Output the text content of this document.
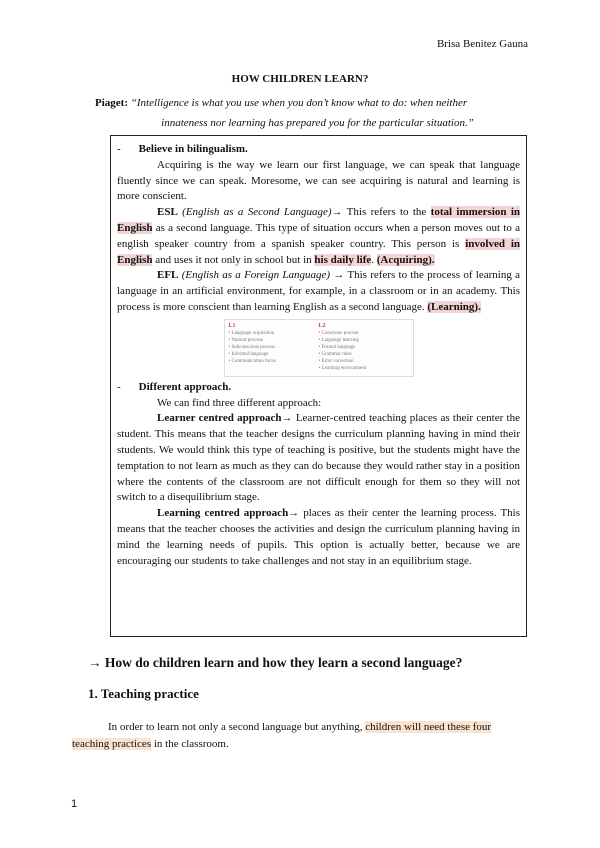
Brisa Benitez Gauna
HOW CHILDREN LEARN?
Piaget: “Intelligence is what you use when you don’t know what to do: when neither
innateness nor learning has prepared you for the particular situation.”

- Believe in bilingualism.

Acquiring is the way we learn our first language, we can speak that language fluently since we can speak. Moresome, we can see acquiring is natural and learning is more conscient.

ESL (English as a Second Language)→ This refers to the total immersion in English as a second language. This type of situation occurs when a person moves out to a english speaker country from a spanish speaker country. This person is involved in English and uses it not only in school but in his daily life. (Acquiring).

EFL (English as a Foreign Language) → This refers to the process of learning a language in an artificial environment, for example, in a classroom or in an academy. This process is more conscient than learning English as a second language. (Learning).

L1
• Language acquisition
• Natural process
• Subconscious process
• Informal language
• Communication focus
L2
• Conscious process
• Language learning
• Formal language
• Grammar rules
• Error correction
• Learning environment

- Different approach.

We can find three different approach:

Learner centred approach→ Learner-centred teaching places as their center the student. This means that the teacher designs the curriculum planning having in mind their students. We would think this type of teaching is positive, but the students might have the temptation to not learn as much as they can do because they would rather stay in a position where the contents of the classroom are not difficult enough for them so they will not switch to a disequilibrium stage.

Learning centred approach→ places as their center the learning process. This means that the teacher chooses the activities and design the curriculum planning having in mind the learning needs of pupils. This option is actually better, because we are encouraging our students to take challenges and not stay in an equilibrium stage.

→ How do children learn and how they learn a second language?
1. Teaching practice
In order to learn not only a second language but anything, children will need these four teaching practices in the classroom.
1
